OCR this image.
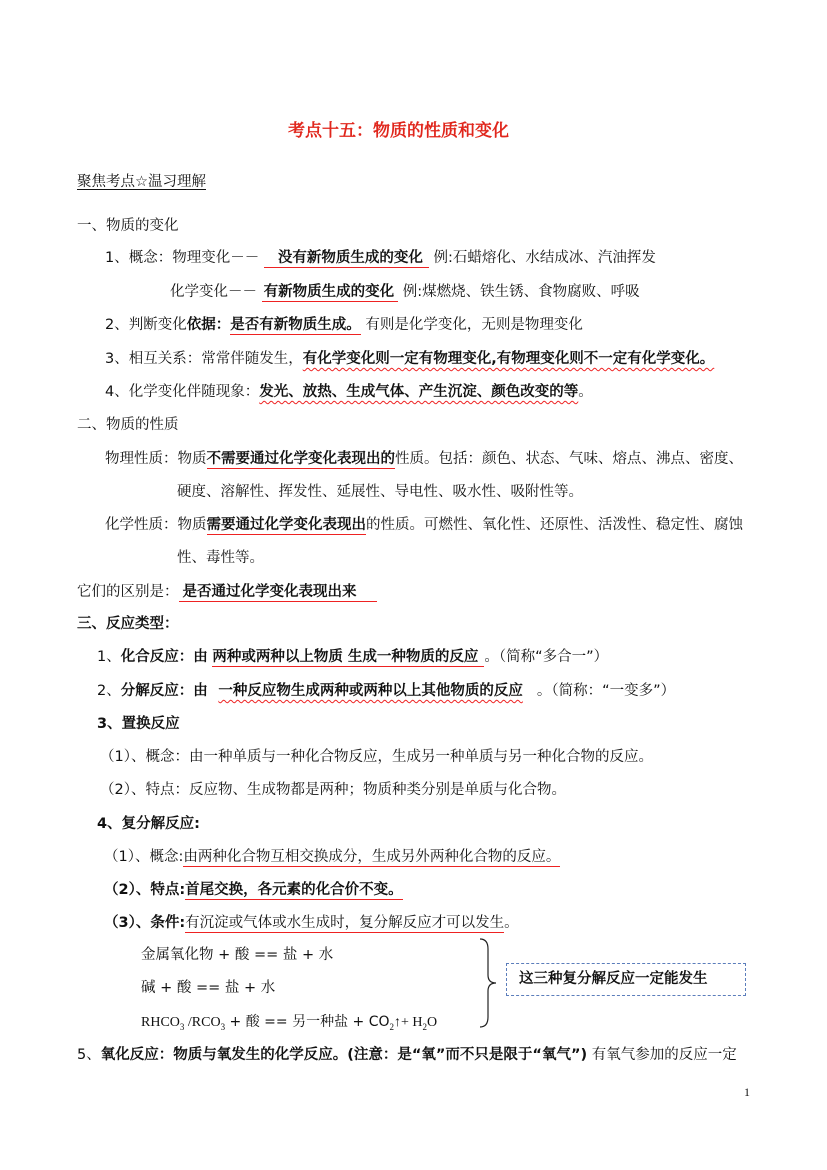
考点十五：物质的性质和变化
聚焦考点☆温习理解
一、物质的变化
1、概念：物理变化－－ 没有新物质生成的变化 例:石蜡熔化、水结成冰、汽油挥发
化学变化－－ 有新物质生成的变化 例:煤燃烧、铁生锈、食物腐败、呼吸
2、判断变化依据：是否有新物质生成。 有则是化学变化，无则是物理变化
3、相互关系：常常伴随发生，有化学变化则一定有物理变化,有物理变化则不一定有化学变化。
4、化学变化伴随现象：发光、放热、生成气体、产生沉淀、颜色改变的等。
二、物质的性质
物理性质：物质不需要通过化学变化表现出的性质。包括：颜色、状态、气味、熔点、沸点、密度、
硬度、溶解性、挥发性、延展性、导电性、吸水性、吸附性等。
化学性质：物质需要通过化学变化表现出的性质。可燃性、氧化性、还原性、活泼性、稳定性、腐蚀
性、毒性等。
它们的区别是： 是否通过化学变化表现出来
三、反应类型：
1、化合反应：由 两种或两种以上物质 生成一种物质的反应 。（简称“多合一”）
2、分解反应：由 一种反应物生成两种或两种以上其他物质的反应 。（简称：“一变多”）
3、置换反应
（1）、概念：由一种单质与一种化合物反应，生成另一种单质与另一种化合物的反应。
（2）、特点：反应物、生成物都是两种；物质种类分别是单质与化合物。
4、复分解反应:
（1）、概念:由两种化合物互相交换成分，生成另外两种化合物的反应。
（2）、特点:首尾交换，各元素的化合价不变。
（3）、条件:有沉淀或气体或水生成时，复分解反应才可以发生。
金属氧化物 + 酸 == 盐 + 水
碱 + 酸 == 盐 + 水
$RHCO_3$ $/RCO_3$ + 酸 == 另一种盐 + $CO_2↑+ H_2O$
这三种复分解反应一定能发生
5、氧化反应：物质与氧发生的化学反应。(注意：是“氧”而不只是限于“氧气”) 有氧气参加的反应一定
1
